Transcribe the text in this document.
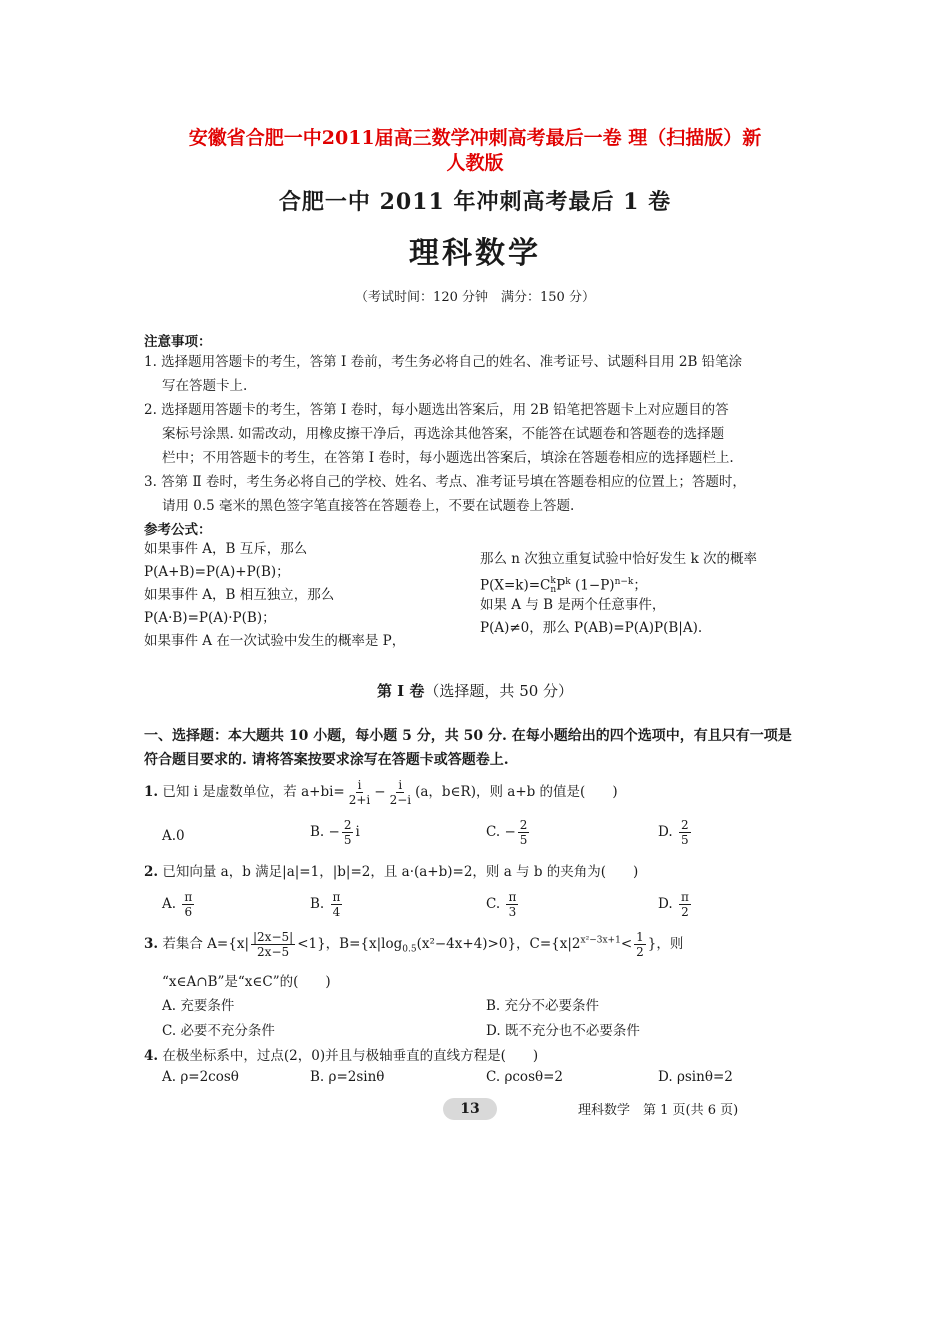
安徽省合肥一中2011届高三数学冲刺高考最后一卷 理（扫描版）新
人教版
合肥一中 2011 年冲刺高考最后 1 卷
理科数学
（考试时间：120 分钟　满分：150 分）
注意事项：
1. 选择题用答题卡的考生，答第 Ⅰ 卷前，考生务必将自己的姓名、准考证号、试题科目用 2B 铅笔涂
写在答题卡上.
2. 选择题用答题卡的考生，答第 Ⅰ 卷时，每小题选出答案后，用 2B 铅笔把答题卡上对应题目的答
案标号涂黑. 如需改动，用橡皮擦干净后，再选涂其他答案，不能答在试题卷和答题卷的选择题
栏中；不用答题卡的考生，在答第 Ⅰ 卷时，每小题选出答案后，填涂在答题卷相应的选择题栏上.
3. 答第 Ⅱ 卷时，考生务必将自己的学校、姓名、考点、准考证号填在答题卷相应的位置上；答题时，
请用 0.5 毫米的黑色签字笔直接答在答题卷上，不要在试题卷上答题.
参考公式：
如果事件 A，B 互斥，那么
P(A+B)=P(A)+P(B)；
如果事件 A，B 相互独立，那么
P(A·B)=P(A)·P(B)；
如果事件 A 在一次试验中发生的概率是 P，
那么 n 次独立重复试验中恰好发生 k 次的概率
P(X=k)=C k
n $P^k$ $(1-P)^{n-k}$；
如果 A 与 B 是两个任意事件，
P(A)≠0，那么 P(AB)=P(A)P(B|A).
第 Ⅰ 卷（选择题，共 50 分）
一、选择题：本大题共 10 小题，每小题 5 分，共 50 分. 在每小题给出的四个选项中，有且只有一项是
符合题目要求的. 请将答案按要求涂写在答题卡或答题卷上.
1. 已知 i 是虚数单位，若 $a+bi= \frac{i}{2+i} - \frac{i}{2-i} (a$，b∈R)，则 a+b 的值是(　　)
A.0	B. − $\frac{2}{5}$ i	C. − $\frac{2}{5}$	D. $\frac{2}{5}$
2. 已知向量 a，b 满足|a|=1，|b|=2，且 a·(a+b)=2，则 a 与 b 的夹角为(　　)
A. $\frac{\pi}{6}$	B. $\frac{\pi}{4}$	C. $\frac{\pi}{3}$	D. $\frac{\pi}{2}$
3. 若集合 $A=\{x| \frac{|2x-5|}{2x-5} <1\}$，$B=\{x|\log_{0.5}(x^2-4x+4)>0\}$，$C=\{x|2^{x^2-3x+1}< \frac{1}{2}$ }，则
“x∈A∩B”是“x∈C”的(　　)
A. 充要条件	B. 充分不必要条件
C. 必要不充分条件	D. 既不充分也不必要条件
4. 在极坐标系中，过点(2，0)并且与极轴垂直的直线方程是(　　)
A. ρ=2cosθ	B. ρ=2sinθ	C. ρcosθ=2	D. ρsinθ=2
13	理科数学　第 1 页(共 6 页)
